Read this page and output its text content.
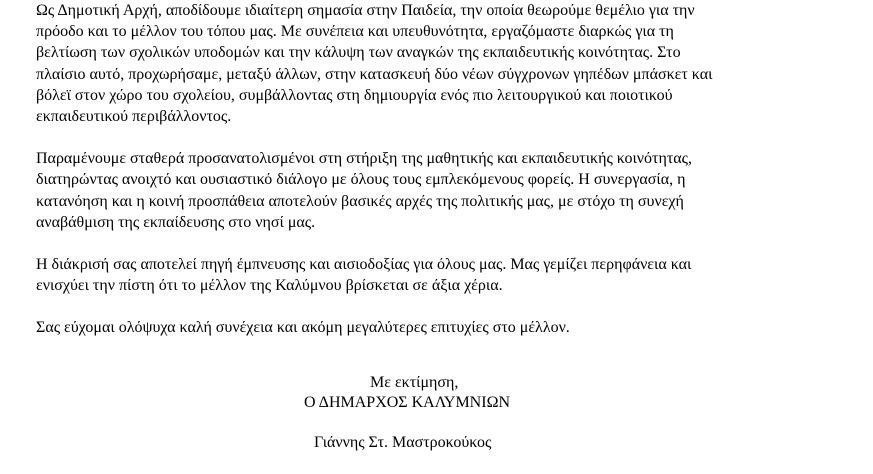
Ως Δημοτική Αρχή, αποδίδουμε ιδιαίτερη σημασία στην Παιδεία, την οποία θεωρούμε θεμέλιο για την
πρόοδο και το μέλλον του τόπου μας. Με συνέπεια και υπευθυνότητα, εργαζόμαστε διαρκώς για τη
βελτίωση των σχολικών υποδομών και την κάλυψη των αναγκών της εκπαιδευτικής κοινότητας. Στο
πλαίσιο αυτό, προχωρήσαμε, μεταξύ άλλων, στην κατασκευή δύο νέων σύγχρονων γηπέδων μπάσκετ και
βόλεϊ στον χώρο του σχολείου, συμβάλλοντας στη δημιουργία ενός πιο λειτουργικού και ποιοτικού
εκπαιδευτικού περιβάλλοντος.

Παραμένουμε σταθερά προσανατολισμένοι στη στήριξη της μαθητικής και εκπαιδευτικής κοινότητας,
διατηρώντας ανοιχτό και ουσιαστικό διάλογο με όλους τους εμπλεκόμενους φορείς. Η συνεργασία, η
κατανόηση και η κοινή προσπάθεια αποτελούν βασικές αρχές της πολιτικής μας, με στόχο τη συνεχή
αναβάθμιση της εκπαίδευσης στο νησί μας.

Η διάκρισή σας αποτελεί πηγή έμπνευσης και αισιοδοξίας για όλους μας. Μας γεμίζει περηφάνεια και
ενισχύει την πίστη ότι το μέλλον της Καλύμνου βρίσκεται σε άξια χέρια.

Σας εύχομαι ολόψυχα καλή συνέχεια και ακόμη μεγαλύτερες επιτυχίες στο μέλλον.

Με εκτίμηση,
Ο ΔΗΜΑΡΧΟΣ ΚΑΛΥΜΝΙΩΝ
Γιάννης Στ. Μαστροκούκος
